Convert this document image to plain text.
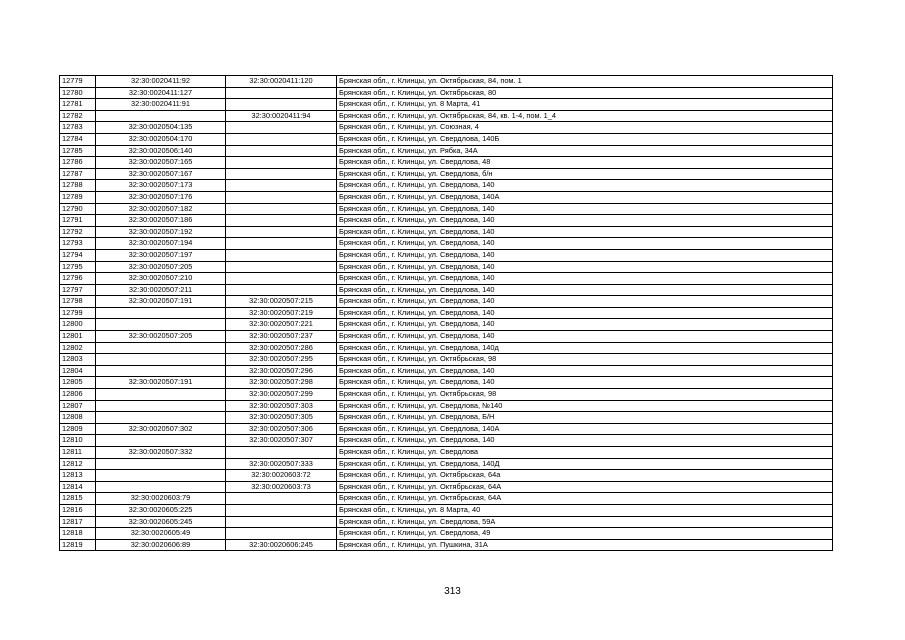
12779	32:30:0020411:92	32:30:0020411:120	Брянская обл., г. Клинцы, ул. Октябрьская, 84, пом. 1
12780	32:30:0020411:127		Брянская обл., г. Клинцы, ул. Октябрьская, 80
12781	32:30:0020411:91		Брянская обл., г. Клинцы, ул. 8 Марта, 41
12782		32:30:0020411:94	Брянская обл., г. Клинцы, ул. Октябрьская, 84, кв. 1-4, пом. 1_4
12783	32:30:0020504:135		Брянская обл., г. Клинцы, ул. Союзная, 4
12784	32:30:0020504:170		Брянская обл., г. Клинцы, ул. Свердлова, 140Б
12785	32:30:0020506:140		Брянская обл., г. Клинцы, ул. Рябка, 34А
12786	32:30:0020507:165		Брянская обл., г. Клинцы, ул. Свердлова, 48
12787	32:30:0020507:167		Брянская обл., г. Клинцы, ул. Свердлова, б/н
12788	32:30:0020507:173		Брянская обл., г. Клинцы, ул. Свердлова, 140
12789	32:30:0020507:176		Брянская обл., г. Клинцы, ул. Свердлова, 140А
12790	32:30:0020507:182		Брянская обл., г. Клинцы, ул. Свердлова, 140
12791	32:30:0020507:186		Брянская обл., г. Клинцы, ул. Свердлова, 140
12792	32:30:0020507:192		Брянская обл., г. Клинцы, ул. Свердлова, 140
12793	32:30:0020507:194		Брянская обл., г. Клинцы, ул. Свердлова, 140
12794	32:30:0020507:197		Брянская обл., г. Клинцы, ул. Свердлова, 140
12795	32:30:0020507:205		Брянская обл., г. Клинцы, ул. Свердлова, 140
12796	32:30:0020507:210		Брянская обл., г. Клинцы, ул. Свердлова, 140
12797	32:30:0020507:211		Брянская обл., г. Клинцы, ул. Свердлова, 140
12798	32:30:0020507:191	32:30:0020507:215	Брянская обл., г. Клинцы, ул. Свердлова, 140
12799		32:30:0020507:219	Брянская обл., г. Клинцы, ул. Свердлова, 140
12800		32:30:0020507:221	Брянская обл., г. Клинцы, ул. Свердлова, 140
12801	32:30:0020507:205	32:30:0020507:237	Брянская обл., г. Клинцы, ул. Свердлова, 140
12802		32:30:0020507:286	Брянская обл., г. Клинцы, ул. Свердлова, 140д
12803		32:30:0020507:295	Брянская обл., г. Клинцы, ул. Октябрьская, 98
12804		32:30:0020507:296	Брянская обл., г. Клинцы, ул. Свердлова, 140
12805	32:30:0020507:191	32:30:0020507:298	Брянская обл., г. Клинцы, ул. Свердлова, 140
12806		32:30:0020507:299	Брянская обл., г. Клинцы, ул. Октябрьская, 98
12807		32:30:0020507:303	Брянская обл., г. Клинцы, ул. Свердлова, №140
12808		32:30:0020507:305	Брянская обл., г. Клинцы, ул. Свердлова, Б/Н
12809	32:30:0020507:302	32:30:0020507:306	Брянская обл., г. Клинцы, ул. Свердлова, 140А
12810		32:30:0020507:307	Брянская обл., г. Клинцы, ул. Свердлова, 140
12811	32:30:0020507:332		Брянская обл., г. Клинцы, ул. Свердлова
12812		32:30:0020507:333	Брянская обл., г. Клинцы, ул. Свердлова, 140Д
12813		32:30:0020603:72	Брянская обл., г. Клинцы, ул. Октябрьская, 64а
12814		32:30:0020603:73	Брянская обл., г. Клинцы, ул. Октябрьская, 64А
12815	32:30:0020603:79		Брянская обл., г. Клинцы, ул. Октябрьская, 64А
12816	32:30:0020605:225		Брянская обл., г. Клинцы, ул. 8 Марта, 40
12817	32:30:0020605:245		Брянская обл., г. Клинцы, ул. Свердлова, 59А
12818	32:30:0020605:49		Брянская обл., г. Клинцы, ул. Свердлова, 49
12819	32:30:0020606:89	32:30:0020606:245	Брянская обл., г. Клинцы, ул. Пушкина, 31А
313
